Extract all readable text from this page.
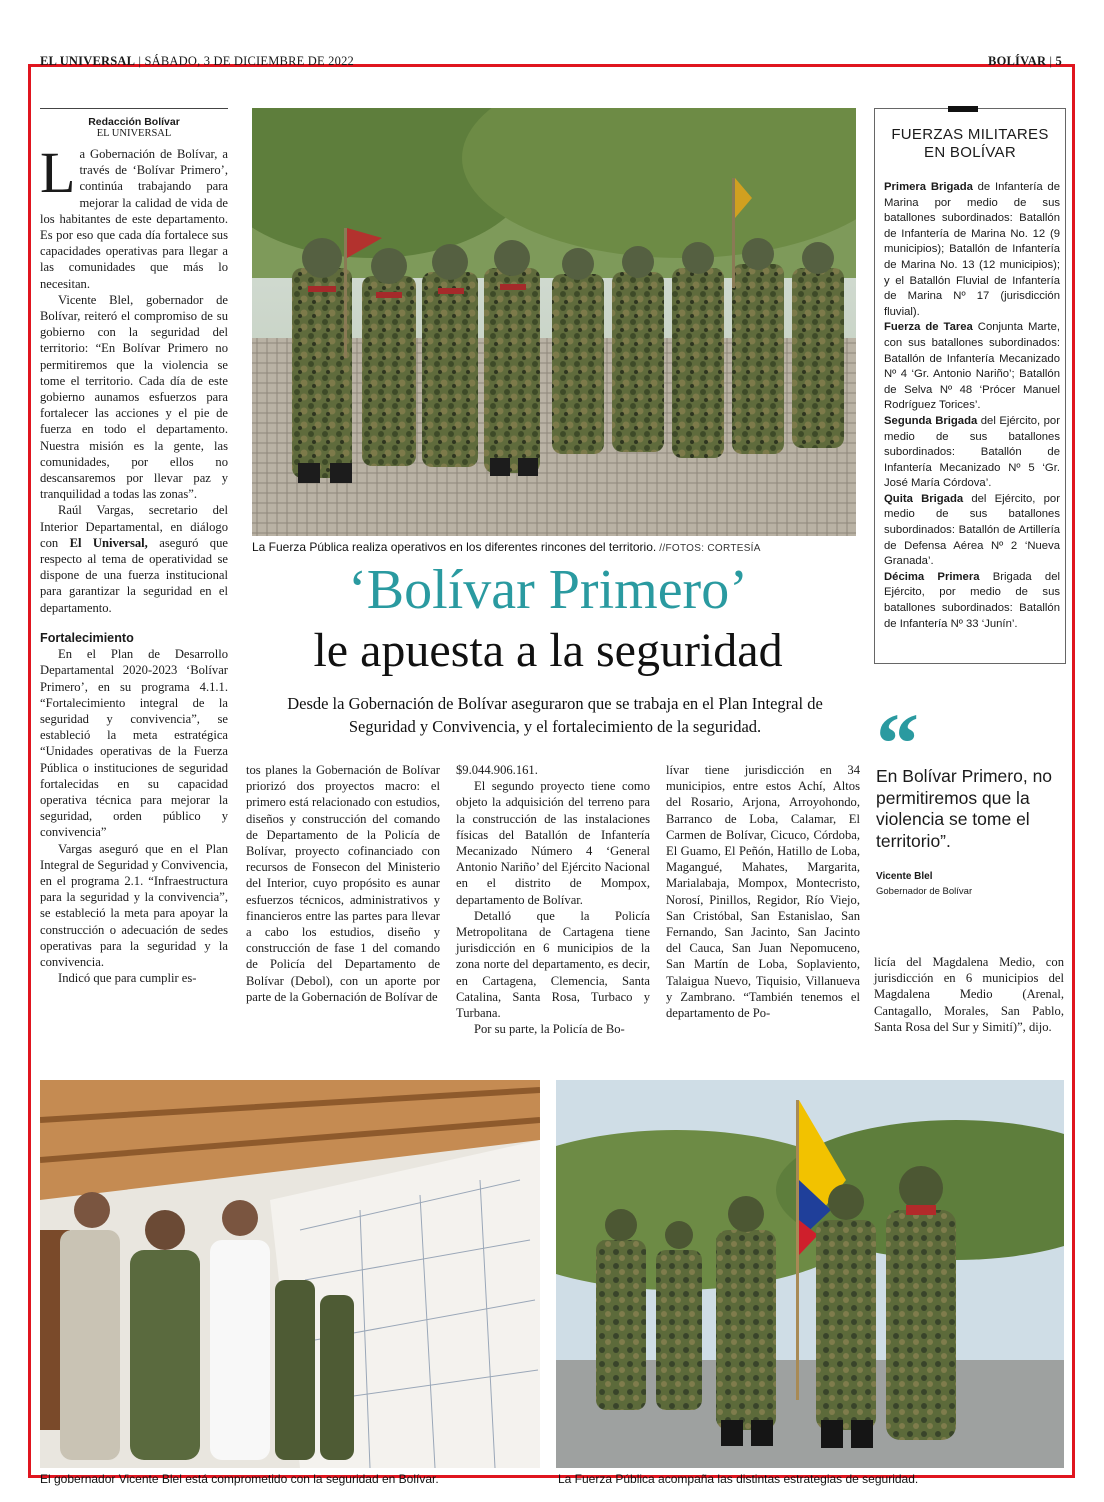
EL UNIVERSAL | SÁBADO, 3 DE DICIEMBRE DE 2022	BOLÍVAR | 5
Redacción Bolívar
EL UNIVERSAL

La Gobernación de Bolívar, a través de ‘Bolívar Primero’, continúa trabajando para mejorar la calidad de vida de los habitantes de este departamento. Es por eso que cada día fortalece sus capacidades operativas para llegar a las comunidades que más lo necesitan.

Vicente Blel, gobernador de Bolívar, reiteró el compromiso de su gobierno con la seguridad del territorio: “En Bolívar Primero no permitiremos que la violencia se tome el territorio. Cada día de este gobierno aunamos esfuerzos para fortalecer las acciones y el pie de fuerza en todo el departamento. Nuestra misión es la gente, las comunidades, por ellos no descansaremos por llevar paz y tranquilidad a todas las zonas”.

Raúl Vargas, secretario del Interior Departamental, en diálogo con El Universal, aseguró que respecto al tema de operatividad se dispone de una fuerza institucional para garantizar la seguridad en el departamento.

Fortalecimiento

En el Plan de Desarrollo Departamental 2020-2023 ‘Bolívar Primero’, en su programa 4.1.1. “Fortalecimiento integral de la seguridad y convivencia”, se estableció la meta estratégica “Unidades operativas de la Fuerza Pública o instituciones de seguridad fortalecidas en su capacidad operativa técnica para mejorar la seguridad, orden público y convivencia”

Vargas aseguró que en el Plan Integral de Seguridad y Convivencia, en el programa 2.1. “Infraestructura para la seguridad y la convivencia”, se estableció la meta para apoyar la construcción o adecuación de sedes operativas para la seguridad y la convivencia.

Indicó que para cumplir es-

La Fuerza Pública realiza operativos en los diferentes rincones del territorio. //FOTOS: CORTESÍA
‘Bolívar Primero’
le apuesta a la seguridad
Desde la Gobernación de Bolívar aseguraron que se trabaja en el Plan Integral de Seguridad y Convivencia, y el fortalecimiento de la seguridad.

tos planes la Gobernación de Bolívar priorizó dos proyectos macro: el primero está relacionado con estudios, diseños y construcción del comando de Departamento de la Policía de Bolívar, proyecto cofinanciado con recursos de Fonsecon del Ministerio del Interior, cuyo propósito es aunar esfuerzos técnicos, administrativos y financieros entre las partes para llevar a cabo los estudios, diseño y construcción de fase 1 del comando de Policía del Departamento de Bolívar (Debol), con un aporte por parte de la Gobernación de Bolívar de

$9.044.906.161.

El segundo proyecto tiene como objeto la adquisición del terreno para la construcción de las instalaciones físicas del Batallón de Infantería Mecanizado Número 4 ‘General Antonio Nariño’ del Ejército Nacional en el distrito de Mompox, departamento de Bolívar.

Detalló que la Policía Metropolitana de Cartagena tiene jurisdicción en 6 municipios de la zona norte del departamento, es decir, en Cartagena, Clemencia, Santa Catalina, Santa Rosa, Turbaco y Turbana.

Por su parte, la Policía de Bo-

lívar tiene jurisdicción en 34 municipios, entre estos Achí, Altos del Rosario, Arjona, Arroyohondo, Barranco de Loba, Calamar, El Carmen de Bolívar, Cicuco, Córdoba, El Guamo, El Peñón, Hatillo de Loba, Magangué, Mahates, Margarita, Marialabaja, Mompox, Montecristo, Norosí, Pinillos, Regidor, Río Viejo, San Cristóbal, San Estanislao, San Fernando, San Jacinto, San Jacinto del Cauca, San Juan Nepomuceno, San Martín de Loba, Soplaviento, Talaigua Nuevo, Tiquisio, Villanueva y Zambrano. “También tenemos el departamento de Po-

licía del Magdalena Medio, con jurisdicción en 6 municipios del Magdalena Medio (Arenal, Cantagallo, Morales, San Pablo, Santa Rosa del Sur y Simití)”, dijo.

FUERZAS MILITARES
EN BOLÍVAR

Primera Brigada de Infantería de Marina por medio de sus batallones subordinados: Batallón de Infantería de Marina No. 12 (9 municipios); Batallón de Infantería de Marina No. 13 (12 municipios); y el Batallón Fluvial de Infantería de Marina Nº 17 (jurisdicción fluvial).

Fuerza de Tarea Conjunta Marte, con sus batallones subordinados: Batallón de Infantería Mecanizado Nº 4 ‘Gr. Antonio Nariño’; Batallón de Selva Nº 48 ‘Prócer Manuel Rodríguez Torices’.

Segunda Brigada del Ejército, por medio de sus batallones subordinados: Batallón de Infantería Mecanizado Nº 5 ‘Gr. José María Córdova’.

Quita Brigada del Ejército, por medio de sus batallones subordinados: Batallón de Artillería de Defensa Aérea Nº 2 ‘Nueva Granada’.

Décima Primera Brigada del Ejército, por medio de sus batallones subordinados: Batallón de Infantería Nº 33 ‘Junín’.

“
En Bolívar Primero, no permitiremos que la violencia se tome el territorio”.
Vicente Blel
Gobernador de Bolívar
El gobernador Vicente Blel está comprometido con la seguridad en Bolívar.	La Fuerza Pública acompaña las distintas estrategias de seguridad.
